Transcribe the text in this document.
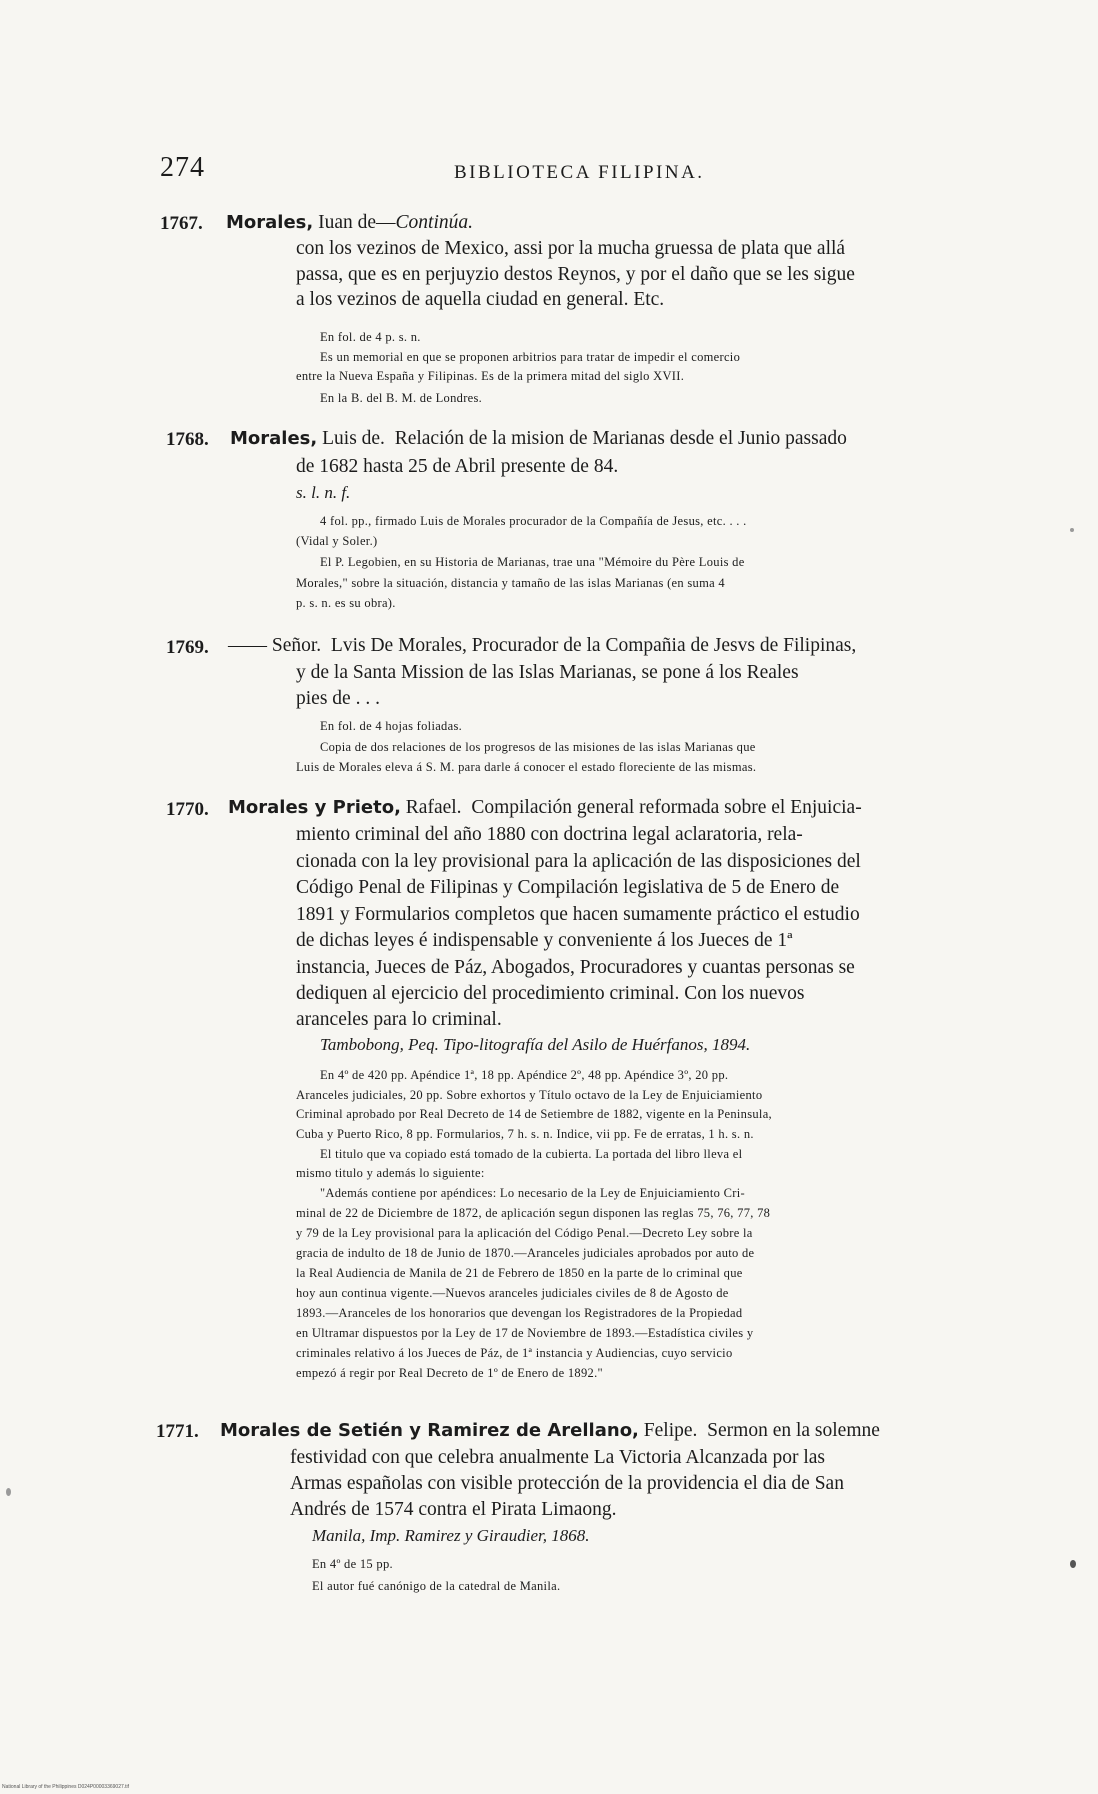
274	BIBLIOTECA FILIPINA.
1767. Morales, Iuan de—Continúa.
con los vezinos de Mexico, assi por la mucha gruessa de plata que allá
passa, que es en perjuyzio destos Reynos, y por el daño que se les sigue
a los vezinos de aquella ciudad en general. Etc.
En fol. de 4 p. s. n.
Es un memorial en que se proponen arbitrios para tratar de impedir el comercio
entre la Nueva España y Filipinas. Es de la primera mitad del siglo XVII.
En la B. del B. M. de Londres.
1768. Morales, Luis de. Relación de la mision de Marianas desde el Junio passado
de 1682 hasta 25 de Abril presente de 84.
s. l. n. f.
4 fol. pp., firmado Luis de Morales procurador de la Compañía de Jesus, etc. . . .
(Vidal y Soler.)
El P. Legobien, en su Historia de Marianas, trae una "Mémoire du Père Louis de
Morales," sobre la situación, distancia y tamaño de las islas Marianas (en suma 4
p. s. n. es su obra).
1769. —— Señor. Lvis De Morales, Procurador de la Compañia de Jesvs de Filipinas,
y de la Santa Mission de las Islas Marianas, se pone á los Reales
pies de . . .
En fol. de 4 hojas foliadas.
Copia de dos relaciones de los progresos de las misiones de las islas Marianas que
Luis de Morales eleva á S. M. para darle á conocer el estado floreciente de las mismas.
1770. Morales y Prieto, Rafael. Compilación general reformada sobre el Enjuicia-
miento criminal del año 1880 con doctrina legal aclaratoria, rela-
cionada con la ley provisional para la aplicación de las disposiciones del
Código Penal de Filipinas y Compilación legislativa de 5 de Enero de
1891 y Formularios completos que hacen sumamente práctico el estudio
de dichas leyes é indispensable y conveniente á los Jueces de 1ª
instancia, Jueces de Páz, Abogados, Procuradores y cuantas personas se
dediquen al ejercicio del procedimiento criminal. Con los nuevos
aranceles para lo criminal.
Tambobong, Peq. Tipo-litografía del Asilo de Huérfanos, 1894.
En 4º de 420 pp. Apéndice 1ª, 18 pp. Apéndice 2º, 48 pp. Apéndice 3º, 20 pp.
Aranceles judiciales, 20 pp. Sobre exhortos y Título octavo de la Ley de Enjuiciamiento
Criminal aprobado por Real Decreto de 14 de Setiembre de 1882, vigente en la Peninsula,
Cuba y Puerto Rico, 8 pp. Formularios, 7 h. s. n. Indice, vii pp. Fe de erratas, 1 h. s. n.
El titulo que va copiado está tomado de la cubierta. La portada del libro lleva el
mismo titulo y además lo siguiente:
"Además contiene por apéndices: Lo necesario de la Ley de Enjuiciamiento Cri-
minal de 22 de Diciembre de 1872, de aplicación segun disponen las reglas 75, 76, 77, 78
y 79 de la Ley provisional para la aplicación del Código Penal.—Decreto Ley sobre la
gracia de indulto de 18 de Junio de 1870.—Aranceles judiciales aprobados por auto de
la Real Audiencia de Manila de 21 de Febrero de 1850 en la parte de lo criminal que
hoy aun continua vigente.—Nuevos aranceles judiciales civiles de 8 de Agosto de
1893.—Aranceles de los honorarios que devengan los Registradores de la Propiedad
en Ultramar dispuestos por la Ley de 17 de Noviembre de 1893.—Estadística civiles y
criminales relativo á los Jueces de Páz, de 1ª instancia y Audiencias, cuyo servicio
empezó á regir por Real Decreto de 1º de Enero de 1892."
1771. Morales de Setién y Ramirez de Arellano, Felipe. Sermon en la solemne
festividad con que celebra anualmente La Victoria Alcanzada por las
Armas españolas con visible protección de la providencia el dia de San
Andrés de 1574 contra el Pirata Limaong.
Manila, Imp. Ramirez y Giraudier, 1868.
En 4º de 15 pp.
El autor fué canónigo de la catedral de Manila.
National Library of the Philippines D024P00003369027.tif
